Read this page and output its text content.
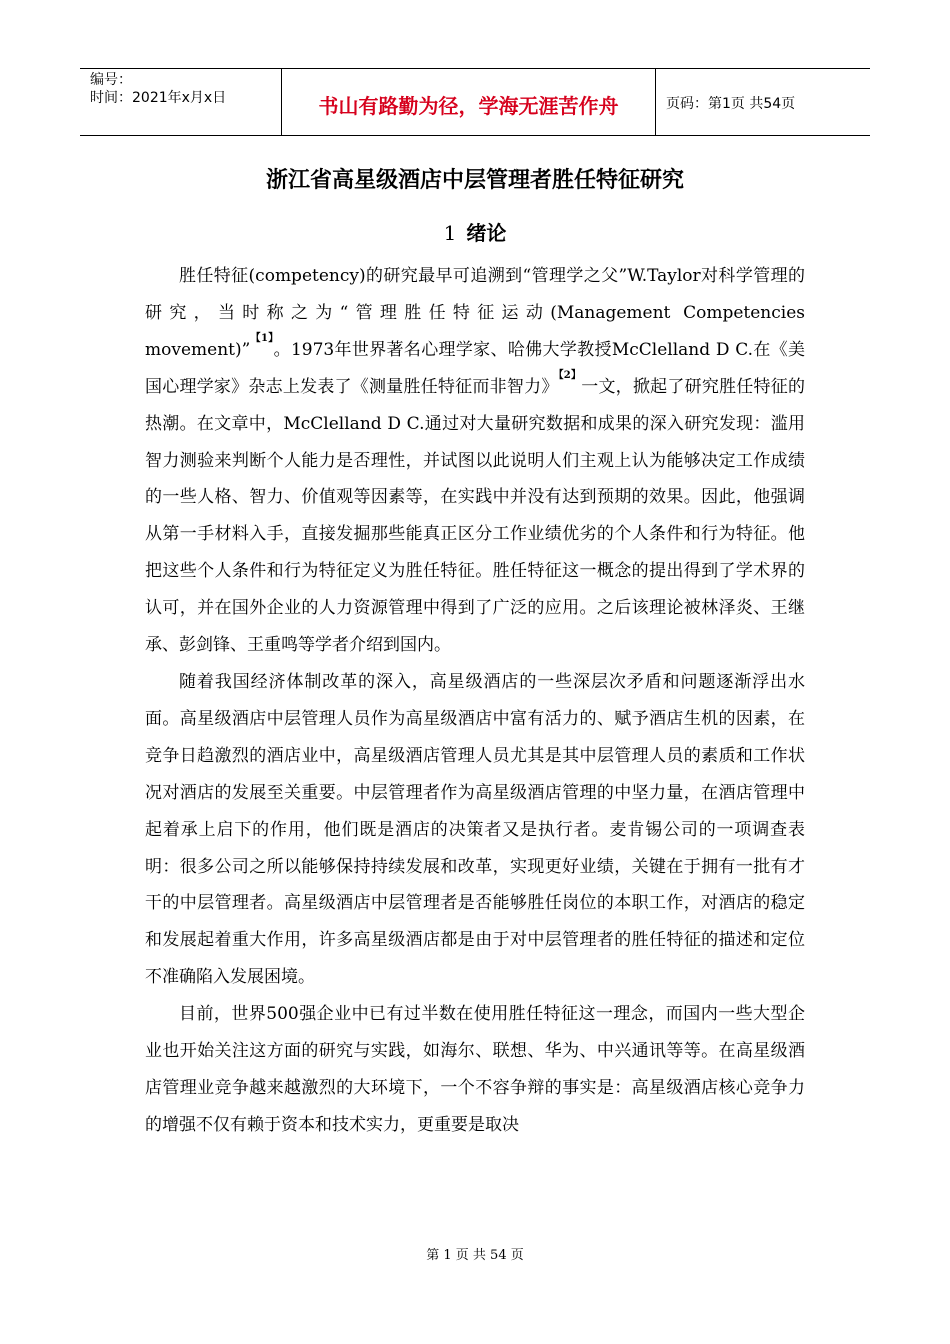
编号：
时间：2021年x月x日	书山有路勤为径，学海无涯苦作舟	页码：第1页 共54页
浙江省高星级酒店中层管理者胜任特征研究
1 绪论

胜任特征(competency)的研究最早可追溯到“管理学之父”W.Taylor对科学管理的研究，当时称之为“管理胜任特征运动(Management Competencies movement)”$^{【1】}$。1973年世界著名心理学家、哈佛大学教授McClelland D C.在《美国心理学家》杂志上发表了《测量胜任特征而非智力》$^{【2】}$一文，掀起了研究胜任特征的热潮。在文章中，McClelland D C.通过对大量研究数据和成果的深入研究发现：滥用智力测验来判断个人能力是否理性，并试图以此说明人们主观上认为能够决定工作成绩的一些人格、智力、价值观等因素等，在实践中并没有达到预期的效果。因此，他强调从第一手材料入手，直接发掘那些能真正区分工作业绩优劣的个人条件和行为特征。他把这些个人条件和行为特征定义为胜任特征。胜任特征这一概念的提出得到了学术界的认可，并在国外企业的人力资源管理中得到了广泛的应用。之后该理论被林泽炎、王继承、彭剑锋、王重鸣等学者介绍到国内。

随着我国经济体制改革的深入，高星级酒店的一些深层次矛盾和问题逐渐浮出水面。高星级酒店中层管理人员作为高星级酒店中富有活力的、赋予酒店生机的因素，在竞争日趋激烈的酒店业中，高星级酒店管理人员尤其是其中层管理人员的素质和工作状况对酒店的发展至关重要。中层管理者作为高星级酒店管理的中坚力量，在酒店管理中起着承上启下的作用，他们既是酒店的决策者又是执行者。麦肯锡公司的一项调查表明：很多公司之所以能够保持持续发展和改革，实现更好业绩，关键在于拥有一批有才干的中层管理者。高星级酒店中层管理者是否能够胜任岗位的本职工作，对酒店的稳定和发展起着重大作用，许多高星级酒店都是由于对中层管理者的胜任特征的描述和定位不准确陷入发展困境。

目前，世界500强企业中已有过半数在使用胜任特征这一理念，而国内一些大型企业也开始关注这方面的研究与实践，如海尔、联想、华为、中兴通讯等等。在高星级酒店管理业竞争越来越激烈的大环境下，一个不容争辩的事实是：高星级酒店核心竞争力的增强不仅有赖于资本和技术实力，更重要是取决

第 1 页 共 54 页
